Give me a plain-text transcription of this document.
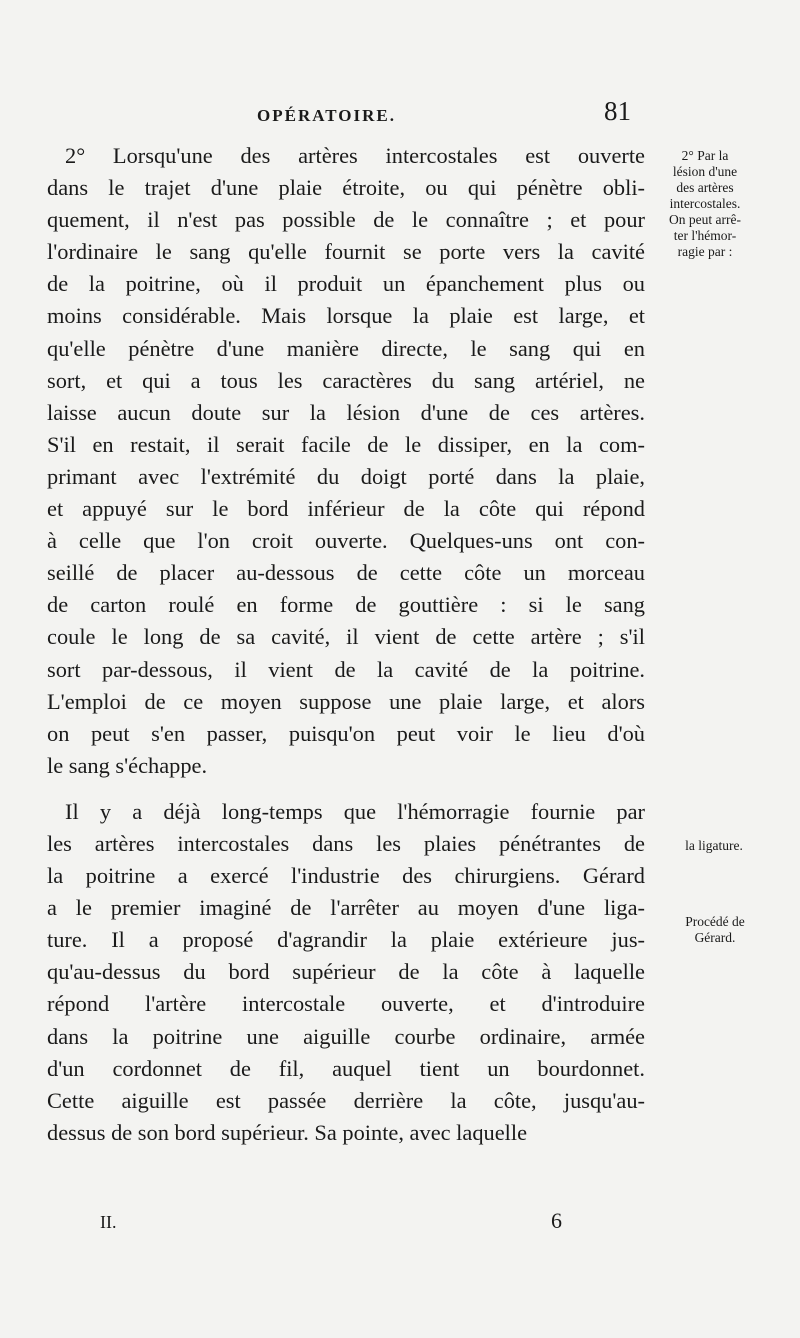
OPÉRATOIRE.	81
2° Lorsqu'une des artères intercostales est ouverte
dans le trajet d'une plaie étroite, ou qui pénètre obli-
quement, il n'est pas possible de le connaître ; et pour
l'ordinaire le sang qu'elle fournit se porte vers la cavité
de la poitrine, où il produit un épanchement plus ou
moins considérable. Mais lorsque la plaie est large, et
qu'elle pénètre d'une manière directe, le sang qui en
sort, et qui a tous les caractères du sang artériel, ne
laisse aucun doute sur la lésion d'une de ces artères.
S'il en restait, il serait facile de le dissiper, en la com-
primant avec l'extrémité du doigt porté dans la plaie,
et appuyé sur le bord inférieur de la côte qui répond
à celle que l'on croit ouverte. Quelques-uns ont con-
seillé de placer au-dessous de cette côte un morceau
de carton roulé en forme de gouttière : si le sang
coule le long de sa cavité, il vient de cette artère ; s'il
sort par-dessous, il vient de la cavité de la poitrine.
L'emploi de ce moyen suppose une plaie large, et alors
on peut s'en passer, puisqu'on peut voir le lieu d'où
le sang s'échappe.
Il y a déjà long-temps que l'hémorragie fournie par
les artères intercostales dans les plaies pénétrantes de
la poitrine a exercé l'industrie des chirurgiens. Gérard
a le premier imaginé de l'arrêter au moyen d'une liga-
ture. Il a proposé d'agrandir la plaie extérieure jus-
qu'au-dessus du bord supérieur de la côte à laquelle
répond l'artère intercostale ouverte, et d'introduire
dans la poitrine une aiguille courbe ordinaire, armée
d'un cordonnet de fil, auquel tient un bourdonnet.
Cette aiguille est passée derrière la côte, jusqu'au-
dessus de son bord supérieur. Sa pointe, avec laquelle
2° Par la
lésion d'une
des artères
intercostales.
On peut arrê-
ter l'hémor-
ragie par :
la ligature.
Procédé de
Gérard.
II.	6
